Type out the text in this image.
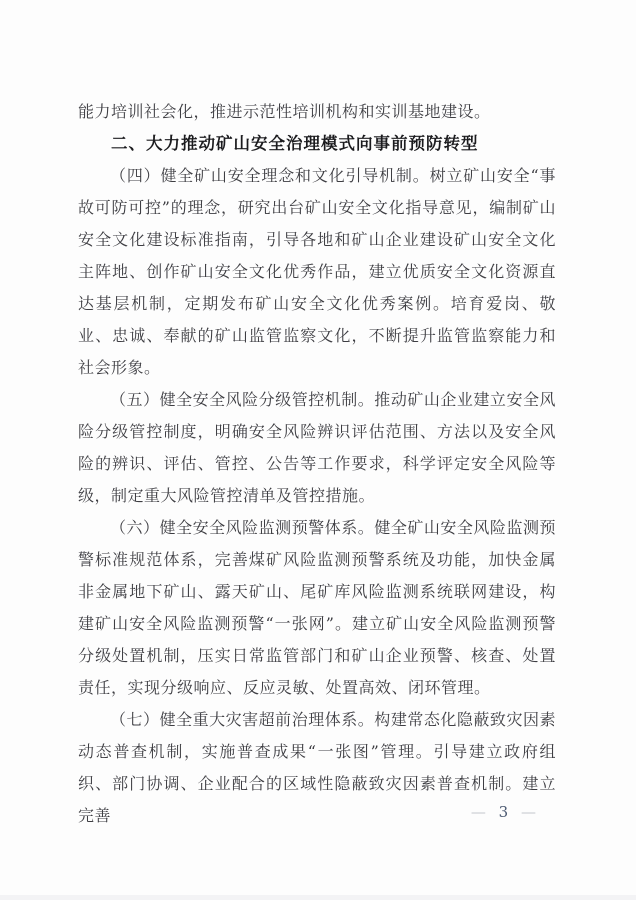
能力培训社会化，推进示范性培训机构和实训基地建设。

二、大力推动矿山安全治理模式向事前预防转型

（四）健全矿山安全理念和文化引导机制。树立矿山安全“事故可防可控”的理念，研究出台矿山安全文化指导意见，编制矿山安全文化建设标准指南，引导各地和矿山企业建设矿山安全文化主阵地、创作矿山安全文化优秀作品，建立优质安全文化资源直达基层机制，定期发布矿山安全文化优秀案例。培育爱岗、敬业、忠诚、奉献的矿山监管监察文化，不断提升监管监察能力和社会形象。

（五）健全安全风险分级管控机制。推动矿山企业建立安全风险分级管控制度，明确安全风险辨识评估范围、方法以及安全风险的辨识、评估、管控、公告等工作要求，科学评定安全风险等级，制定重大风险管控清单及管控措施。

（六）健全安全风险监测预警体系。健全矿山安全风险监测预警标准规范体系，完善煤矿风险监测预警系统及功能，加快金属非金属地下矿山、露天矿山、尾矿库风险监测系统联网建设，构建矿山安全风险监测预警“一张网”。建立矿山安全风险监测预警分级处置机制，压实日常监管部门和矿山企业预警、核查、处置责任，实现分级响应、反应灵敏、处置高效、闭环管理。

（七）健全重大灾害超前治理体系。构建常态化隐蔽致灾因素动态普查机制，实施普查成果“一张图”管理。引导建立政府组织、部门协调、企业配合的区域性隐蔽致灾因素普查机制。建立完善	— 3 —
